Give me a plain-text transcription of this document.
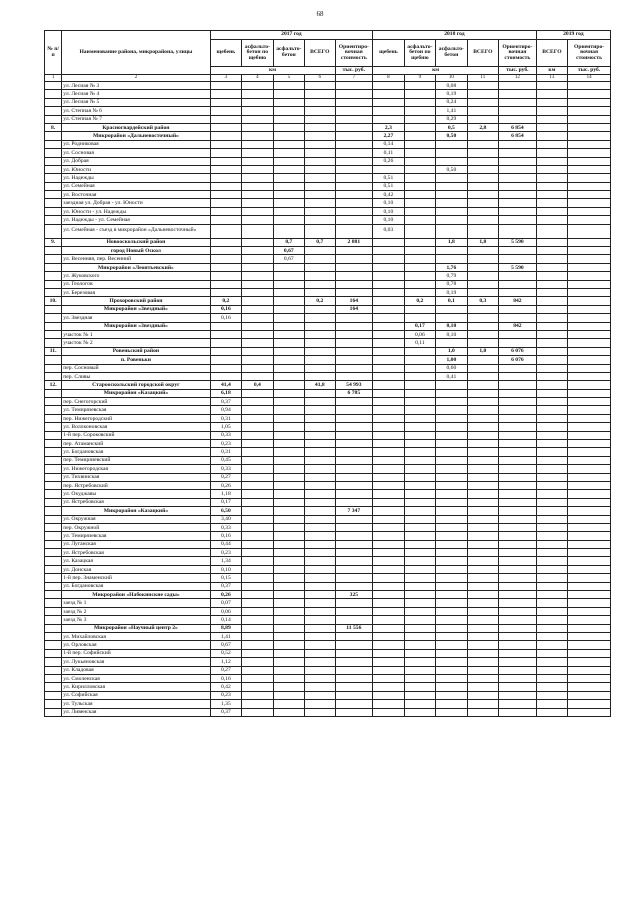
68
№ п/п	Наименование района, микрорайона, улицы	2017 год					2018 год					2019 год	
		щебень	асфальто-бетон по щебню	асфальто-бетон	ВСЕГО	Ориентиро-вочная стоимость	щебень	асфальто-бетон по щебню	асфальто-бетон	ВСЕГО	Ориентиро-вочная стоимость	ВСЕГО	Ориентиро-вочная стоимость
		км				тыс. руб.	км				тыс. руб.	км	тыс. руб.
1	2	3	4	5	6	7	8	9	10	11	12	13	14
	ул. Лесная № 3								0,08				
	ул. Лесная № 4								0,19				
	ул. Лесная № 5								0,24				
	ул. Степная № 6								1,41				
	ул. Степная № 7								0,29				
8.	Красногвардейский район						2,3		0,5	2,8	6 854		
	Микрорайон «Дальневосточный»						2,27		0,50		6 854		
	ул. Родниковая						0,14						
	ул. Сосновая						0,11						
	ул. Добрая						0,26						
	ул. Юности								0,50				
	ул. Надежды						0,51						
	ул. Семейная						0,51						
	ул. Восточная						0,42						
	заездная ул. Добрая - ул. Юности						0,10						
	ул. Юности - ул. Надежды						0,10						
	ул. Надежды - ул. Семейная						0,10						
	ул. Семейная - съезд в микрорайон «Дальневосточный»						0,03						
9.	Новооскольский район			0,7	0,7	2 881			1,8	1,8	5 590		
	город Новый Оскол			0,67									
	ул. Весенняя, пер. Весенний			0,67									
	Микрорайон «Леонтьевский»								1,76		5 590		
	ул. Жуковского								0,79				
	ул. Геологов								0,78				
	ул. Березовая								0,19				
10.	Прохоровский район	0,2			0,2	164		0,2	0,1	0,3	842		
	Микрорайон «Звездный»	0,16				164							
	ул. Звездная	0,16											
	Микрорайон «Звездный»							0,17	0,10		842		
	участок № 1							0,06	0,10				
	участок № 2							0,11					
11.	Ровеньский район								1,0	1,0	6 076		
	п. Ровеньки								1,00		6 076		
	пер. Сосновый								0,60				
	пер. Сливы								0,41				
12.	Старооскольский городской округ	41,4	0,4		41,8	54 993							
	Микрорайон «Казацкий»	6,18				6 785							
	пер. Снегогорский	0,37											
	ул. Темирязевская	0,94											
	пер. Нижегородский	0,31											
	ул. Волоконовская	1,05											
	1-й пер. Сороковский	0,33											
	пер. Атаманский	0,23											
	ул. Богдановская	0,31											
	пер. Темирязевский	0,45											
	ул. Нижегородская	0,33											
	ул. Тихвинская	0,27											
	пер. Ястребовский	0,26											
	ул. Окуджавы	1,18											
	ул. Ястребовская	0,17											
	Микрорайон «Казацкий»	6,50				7 347							
	ул. Окружная	3,40											
	пер. Окружной	0,33											
	ул. Темирязевская	0,16											
	ул. Луганская	0,44											
	ул. Ястребовская	0,23											
	ул. Казацкая	1,34											
	ул. Донская	0,10											
	1-й пер. Знаменский	0,15											
	ул. Богдановская	0,37											
	Микрорайон «Набокинские сады»	0,26				325							
	заезд № 1	0,07											
	заезд № 2	0,06											
	заезд № 3	0,14											
	Микрорайон «Научный центр 2»	8,89				11 556							
	ул. Михайловская	1,41											
	ул. Орловская	0,67											
	1-й пер. Софийский	0,52											
	ул. Лукьяновская	1,12											
	ул. Кладовая	0,27											
	ул. Смоленская	0,16											
	ул. Кирилловская	0,42											
	ул. Софийская	0,23											
	ул. Тульская	1,35											
	ул. Ливенская	0,37											
